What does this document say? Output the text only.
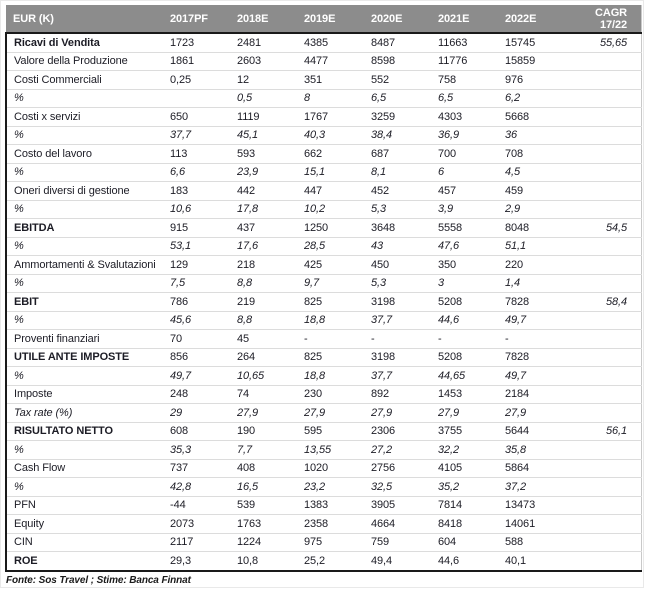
EUR (K)	2017PF	2018E	2019E	2020E	2021E	2022E	CAGR 17/22
Ricavi di Vendita	1723	2481	4385	8487	11663	15745	55,65
Valore della Produzione	1861	2603	4477	8598	11776	15859	
Costi Commerciali	0,25	12	351	552	758	976	
%		0,5	8	6,5	6,5	6,2	
Costi x servizi	650	1119	1767	3259	4303	5668	
%	37,7	45,1	40,3	38,4	36,9	36	
Costo del lavoro	113	593	662	687	700	708	
%	6,6	23,9	15,1	8,1	6	4,5	
Oneri diversi di gestione	183	442	447	452	457	459	
%	10,6	17,8	10,2	5,3	3,9	2,9	
EBITDA	915	437	1250	3648	5558	8048	54,5
%	53,1	17,6	28,5	43	47,6	51,1	
Ammortamenti & Svalutazioni	129	218	425	450	350	220	
%	7,5	8,8	9,7	5,3	3	1,4	
EBIT	786	219	825	3198	5208	7828	58,4
%	45,6	8,8	18,8	37,7	44,6	49,7	
Proventi finanziari	70	45	-	-	-	-	
UTILE ANTE IMPOSTE	856	264	825	3198	5208	7828	
%	49,7	10,65	18,8	37,7	44,65	49,7	
Imposte	248	74	230	892	1453	2184	
Tax rate (%)	29	27,9	27,9	27,9	27,9	27,9	
RISULTATO NETTO	608	190	595	2306	3755	5644	56,1
%	35,3	7,7	13,55	27,2	32,2	35,8	
Cash Flow	737	408	1020	2756	4105	5864	
%	42,8	16,5	23,2	32,5	35,2	37,2	
PFN	-44	539	1383	3905	7814	13473	
Equity	2073	1763	2358	4664	8418	14061	
CIN	2117	1224	975	759	604	588	
ROE	29,3	10,8	25,2	49,4	44,6	40,1	
Fonte: Sos Travel ; Stime: Banca Finnat
